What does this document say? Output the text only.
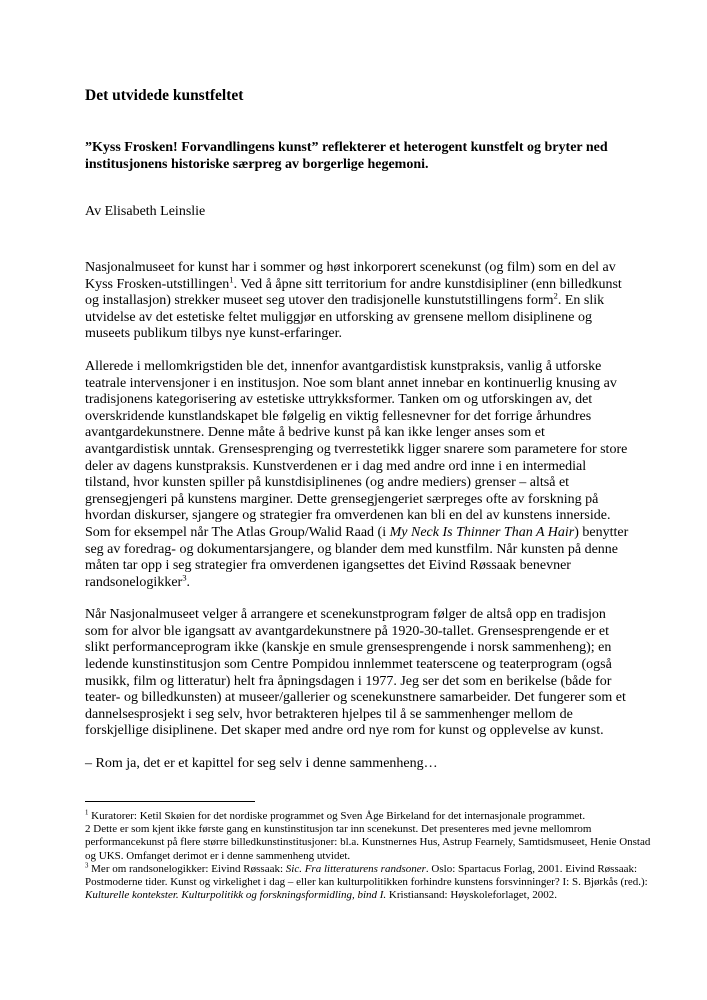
Det utvidede kunstfeltet

”Kyss Frosken! Forvandlingens kunst” reflekterer et heterogent kunstfelt og bryter ned institusjonens historiske særpreg av borgerlige hegemoni.

Av Elisabeth Leinslie

Nasjonalmuseet for kunst har i sommer og høst inkorporert scenekunst (og film) som en del av Kyss Frosken-utstillingen$^1$. Ved å åpne sitt territorium for andre kunstdisipliner (enn billedkunst og installasjon) strekker museet seg utover den tradisjonelle kunstutstillingens form$^2$. En slik utvidelse av det estetiske feltet muliggjør en utforsking av grensene mellom disiplinene og museets publikum tilbys nye kunst-erfaringer.

Allerede i mellomkrigstiden ble det, innenfor avantgardistisk kunstpraksis, vanlig å utforske teatrale intervensjoner i en institusjon. Noe som blant annet innebar en kontinuerlig knusing av tradisjonens kategorisering av estetiske uttrykksformer. Tanken om og utforskingen av, det overskridende kunstlandskapet ble følgelig en viktig fellesnevner for det forrige århundres avantgardekunstnere. Denne måte å bedrive kunst på kan ikke lenger anses som et avantgardistisk unntak. Grensesprenging og tverrestetikk ligger snarere som parametere for store deler av dagens kunstpraksis. Kunstverdenen er i dag med andre ord inne i en intermedial tilstand, hvor kunsten spiller på kunstdisiplinenes (og andre mediers) grenser – altså et grensegjengeri på kunstens marginer. Dette grensegjengeriet særpreges ofte av forskning på hvordan diskurser, sjangere og strategier fra omverdenen kan bli en del av kunstens innerside. Som for eksempel når The Atlas Group/Walid Raad (i My Neck Is Thinner Than A Hair) benytter seg av foredrag- og dokumentarsjangere, og blander dem med kunstfilm. Når kunsten på denne måten tar opp i seg strategier fra omverdenen igangsettes det Eivind Røssaak benevner randsonelogikker$^3$.

Når Nasjonalmuseet velger å arrangere et scenekunstprogram følger de altså opp en tradisjon som for alvor ble igangsatt av avantgardekunstnere på 1920-30-tallet. Grensesprengende er et slikt performanceprogram ikke (kanskje en smule grensesprengende i norsk sammenheng); en ledende kunstinstitusjon som Centre Pompidou innlemmet teaterscene og teaterprogram (også musikk, film og litteratur) helt fra åpningsdagen i 1977. Jeg ser det som en berikelse (både for teater- og billedkunsten) at museer/gallerier og scenekunstnere samarbeider. Det fungerer som et dannelsesprosjekt i seg selv, hvor betrakteren hjelpes til å se sammenhenger mellom de forskjellige disiplinene. Det skaper med andre ord nye rom for kunst og opplevelse av kunst.

– Rom ja, det er et kapittel for seg selv i denne sammenheng…

$^1$ Kuratorer: Ketil Skøien for det nordiske programmet og Sven Åge Birkeland for det internasjonale programmet.

2 Dette er som kjent ikke første gang en kunstinstitusjon tar inn scenekunst. Det presenteres med jevne mellomrom performancekunst på flere større billedkunstinstitusjoner: bl.a. Kunstnernes Hus, Astrup Fearnely, Samtidsmuseet, Henie Onstad og UKS. Omfanget derimot er i denne sammenheng utvidet.

$^3$ Mer om randsonelogikker: Eivind Røssaak: Sic. Fra litteraturens randsoner. Oslo: Spartacus Forlag, 2001. Eivind Røssaak: Postmoderne tider. Kunst og virkelighet i dag – eller kan kulturpolitikken forhindre kunstens forsvinninger? I: S. Bjørkås (red.): Kulturelle kontekster. Kulturpolitikk og forskningsformidling, bind I. Kristiansand: Høyskoleforlaget, 2002.
